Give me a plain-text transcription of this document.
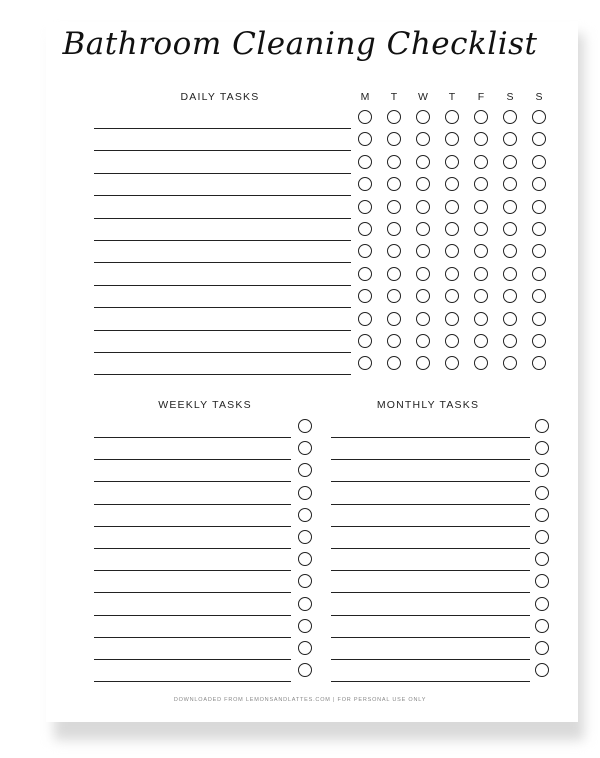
Bathroom Cleaning Checklist
DAILY TASKS
WEEKLY TASKS	MONTHLY TASKS
M	T	W	T	F	S	S
DOWNLOADED FROM LEMONSANDLATTES.COM | FOR PERSONAL USE ONLY
